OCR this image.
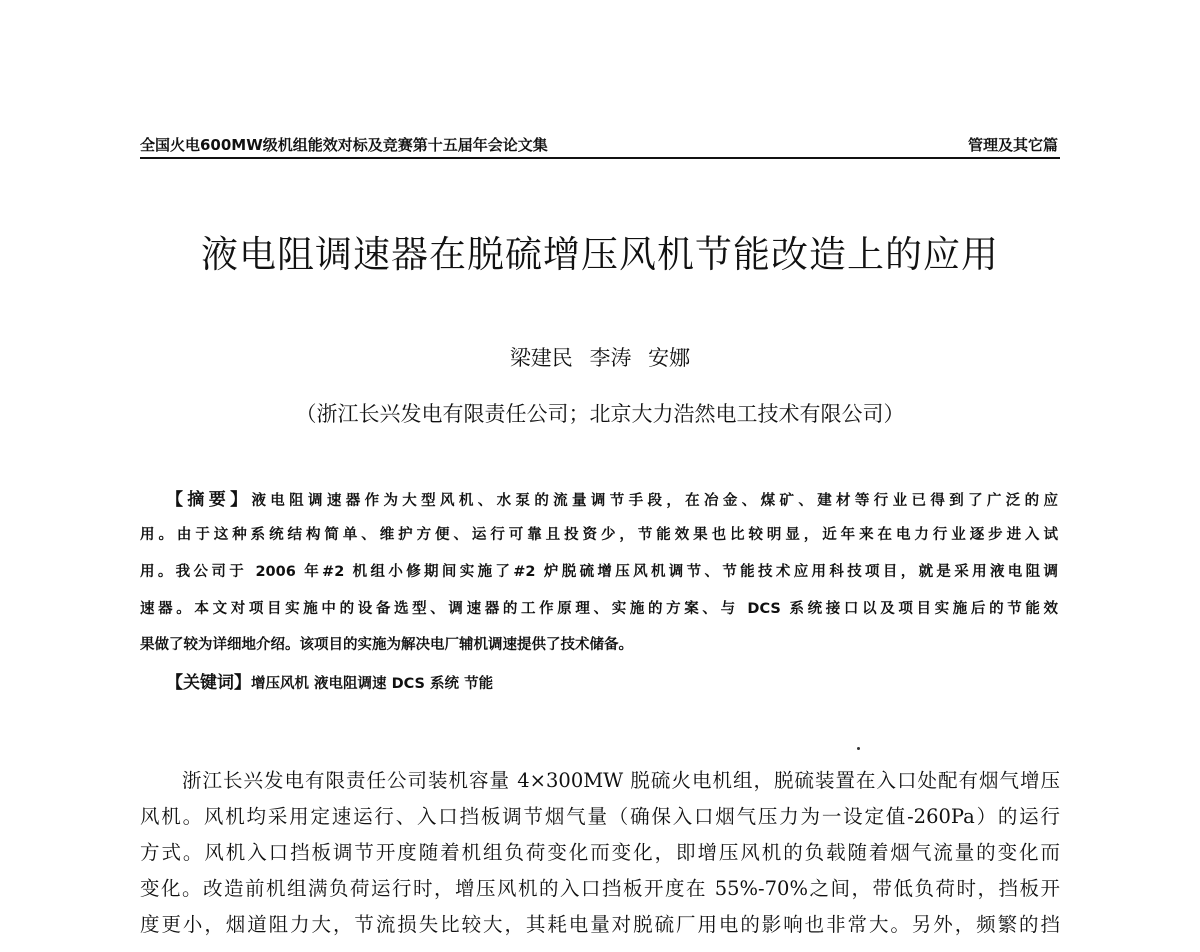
全国火电600MW级机组能效对标及竞赛第十五届年会论文集	管理及其它篇
液电阻调速器在脱硫增压风机节能改造上的应用
梁建民 李涛 安娜
（浙江长兴发电有限责任公司；北京大力浩然电工技术有限公司）
【摘要】液电阻调速器作为大型风机、水泵的流量调节手段，在冶金、煤矿、建材等行业已得到了广泛的应
用。由于这种系统结构简单、维护方便、运行可靠且投资少，节能效果也比较明显，近年来在电力行业逐步进入试
用。我公司于 2006 年#2 机组小修期间实施了#2 炉脱硫增压风机调节、节能技术应用科技项目，就是采用液电阻调
速器。本文对项目实施中的设备选型、调速器的工作原理、实施的方案、与 DCS 系统接口以及项目实施后的节能效
果做了较为详细地介绍。该项目的实施为解决电厂辅机调速提供了技术储备。
【关键词】增压风机 液电阻调速 DCS 系统 节能
浙江长兴发电有限责任公司装机容量 4×300MW 脱硫火电机组，脱硫装置在入口处配有烟气增压
风机。风机均采用定速运行、入口挡板调节烟气量（确保入口烟气压力为一设定值-260Pa）的运行
方式。风机入口挡板调节开度随着机组负荷变化而变化，即增压风机的负载随着烟气流量的变化而
变化。改造前机组满负荷运行时，增压风机的入口挡板开度在 55%-70%之间，带低负荷时，挡板开
度更小，烟道阻力大，节流损失比较大，其耗电量对脱硫厂用电的影响也非常大。另外，频繁的挡
